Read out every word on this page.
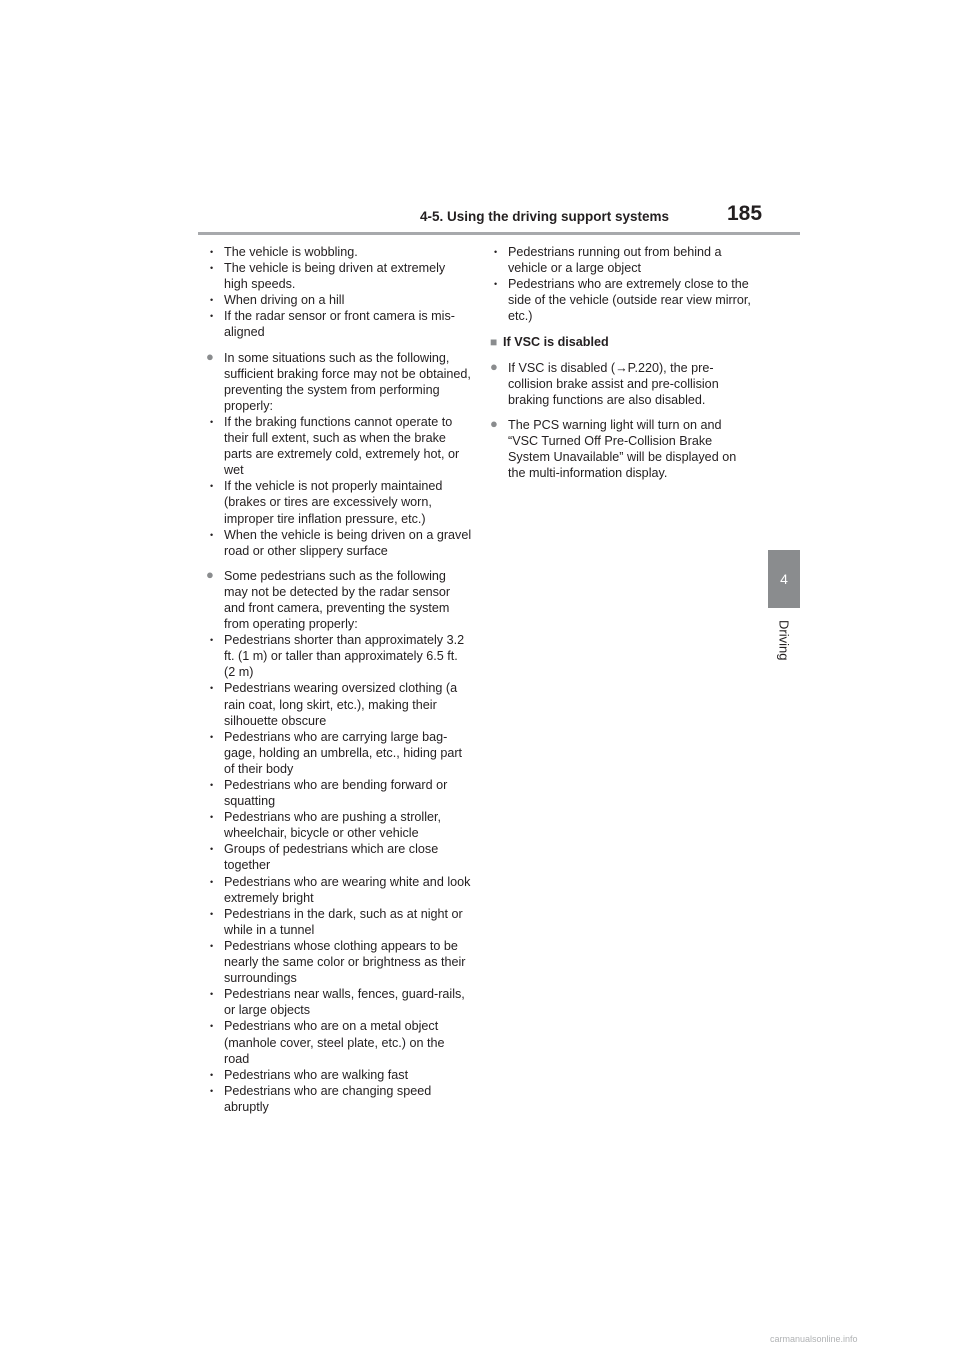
4-5. Using the driving support systems	185
4
Driving
• The vehicle is wobbling.
• The vehicle is being driven at extremely high speeds.
• When driving on a hill
• If the radar sensor or front camera is mis-aligned
● In some situations such as the following, sufficient braking force may not be obtained, preventing the system from performing properly:
• If the braking functions cannot operate to their full extent, such as when the brake parts are extremely cold, extremely hot, or wet
• If the vehicle is not properly maintained (brakes or tires are excessively worn, improper tire inflation pressure, etc.)
• When the vehicle is being driven on a gravel road or other slippery surface
● Some pedestrians such as the following may not be detected by the radar sensor and front camera, preventing the system from operating properly:
• Pedestrians shorter than approximately 3.2 ft. (1 m) or taller than approximately 6.5 ft. (2 m)
• Pedestrians wearing oversized clothing (a rain coat, long skirt, etc.), making their silhouette obscure
• Pedestrians who are carrying large bag-gage, holding an umbrella, etc., hiding part of their body
• Pedestrians who are bending forward or squatting
• Pedestrians who are pushing a stroller, wheelchair, bicycle or other vehicle
• Groups of pedestrians which are close together
• Pedestrians who are wearing white and look extremely bright
• Pedestrians in the dark, such as at night or while in a tunnel
• Pedestrians whose clothing appears to be nearly the same color or brightness as their surroundings
• Pedestrians near walls, fences, guard-rails, or large objects
• Pedestrians who are on a metal object (manhole cover, steel plate, etc.) on the road
• Pedestrians who are walking fast
• Pedestrians who are changing speed abruptly
• Pedestrians running out from behind a vehicle or a large object
• Pedestrians who are extremely close to the side of the vehicle (outside rear view mirror, etc.)
■ If VSC is disabled
● If VSC is disabled (→P.220), the pre-collision brake assist and pre-collision braking functions are also disabled.
● The PCS warning light will turn on and “VSC Turned Off Pre-Collision Brake System Unavailable” will be displayed on the multi-information display.
carmanualsonline.info
